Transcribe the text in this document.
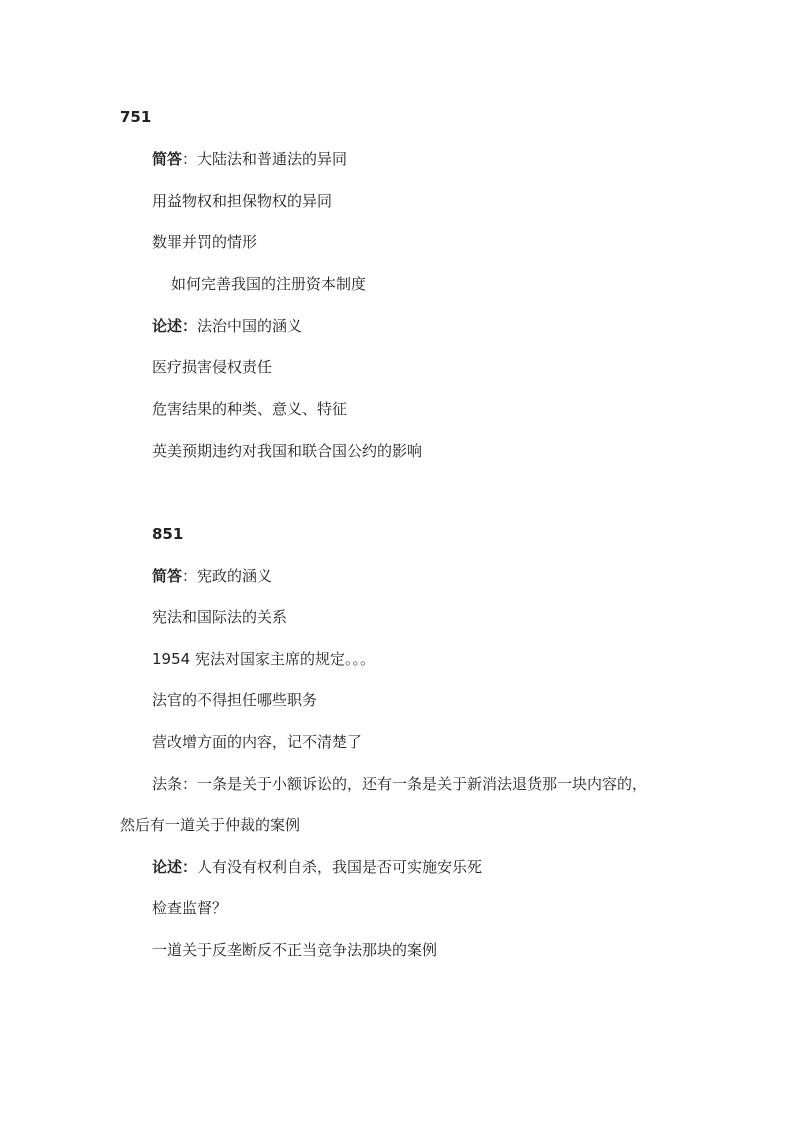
751
简答：大陆法和普通法的异同
用益物权和担保物权的异同
数罪并罚的情形
如何完善我国的注册资本制度
论述：法治中国的涵义
医疗损害侵权责任
危害结果的种类、意义、特征
英美预期违约对我国和联合国公约的影响
851
简答：宪政的涵义
宪法和国际法的关系
1954 宪法对国家主席的规定。。。
法官的不得担任哪些职务
营改增方面的内容，记不清楚了
法条：一条是关于小额诉讼的，还有一条是关于新消法退货那一块内容的，
然后有一道关于仲裁的案例
论述：人有没有权利自杀，我国是否可实施安乐死
检查监督？
一道关于反垄断反不正当竞争法那块的案例
